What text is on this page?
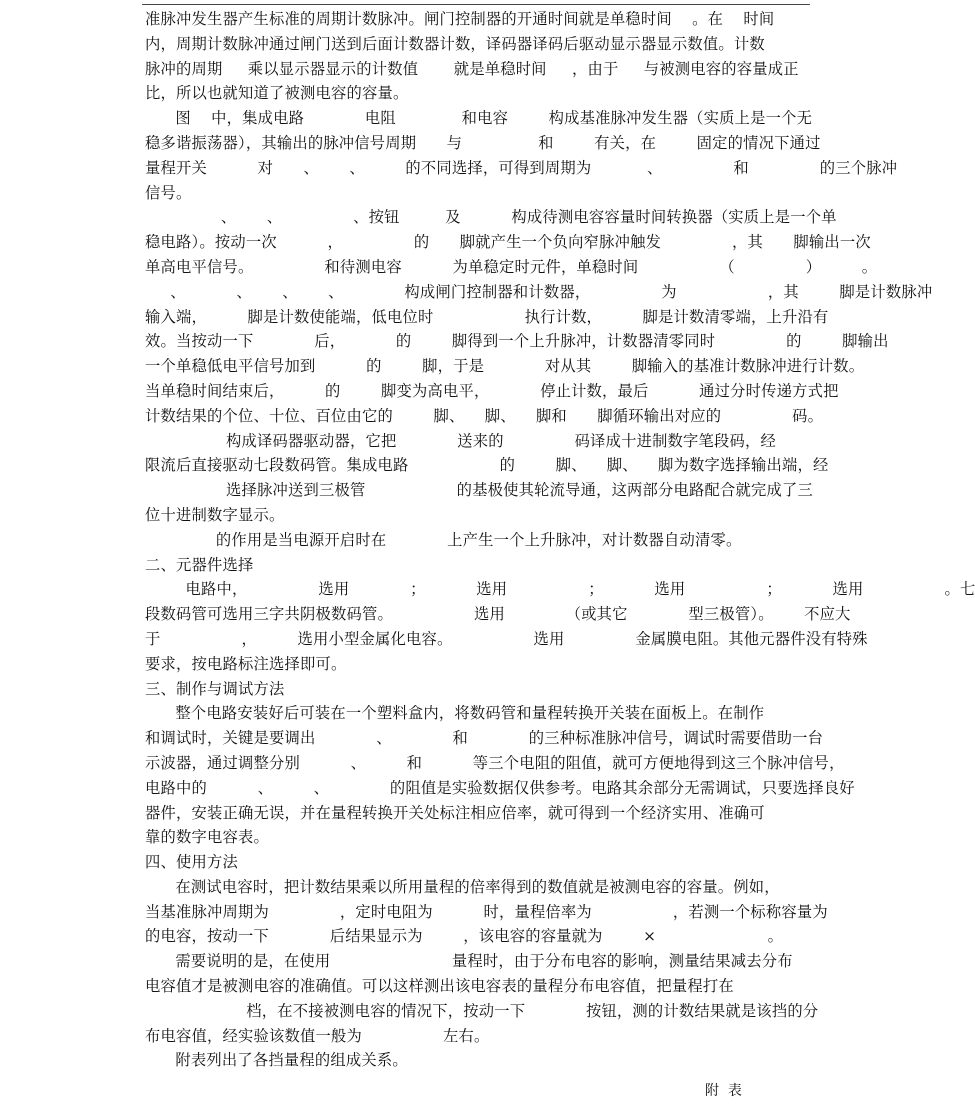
准脉冲发生器产生标准的周期计数脉冲。闸门控制器的开通时间就是单稳时间    。在    时间
内，周期计数脉冲通过闸门送到后面计数器计数，译码器译码后驱动显示器显示数值。计数
脉冲的周期     乘以显示器显示的计数值       就是单稳时间     ，由于     与被测电容的容量成正
比，所以也就知道了被测电容的容量。
图    中，集成电路            电阻             和电容        构成基准脉冲发生器（实质上是一个无
稳多谐振荡器），其输出的脉冲信号周期      与               和        有关，在        固定的情况下通过
量程开关          对      、      、        的不同选择，可得到周期为           、              和              的三个脉冲
信号。
、      、              、按钮         及          构成待测电容容量时间转换器（实质上是一个单
稳电路）。按动一次          ，              的      脚就产生一个负向窄脉冲触发              ，其      脚输出一次
单高电平信号。              和待测电容          为单稳定时元件，单稳时间                （              ）        。
、          、      、      、            构成闸门控制器和计数器，              为                  ，其        脚是计数脉冲
输入端，        脚是计数使能端，低电位时                  执行计数，        脚是计数清零端，上升沿有
效。当按动一下            后，          的        脚得到一个上升脉冲，计数器清零同时              的        脚输出
一个单稳低电平信号加到          的        脚，于是            对从其        脚输入的基准计数脉冲进行计数。
当单稳时间结束后，        的        脚变为高电平，          停止计数，最后          通过分时传递方式把
计数结果的个位、十位、百位由它的        脚、    脚、    脚和      脚循环输出对应的              码。
构成译码器驱动器，它把            送来的              码译成十进制数字笔段码，经
限流后直接驱动七段数码管。集成电路                  的        脚、    脚、    脚为数字选择输出端，经
选择脉冲送到三极管                  的基极使其轮流导通，这两部分电路配合就完成了三
位十进制数字显示。
的作用是当电源开启时在            上产生一个上升脉冲，对计数器自动清零。
二、元器件选择
电路中，              选用            ；          选用                ；          选用                ；          选用                。七
段数码管可选用三字共阴极数码管。                选用            （或其它            型三极管）。      不应大
于                ，        选用小型金属化电容。                选用              金属膜电阻。其他元器件没有特殊
要求，按电路标注选择即可。
三、制作与调试方法
整个电路安装好后可装在一个塑料盒内，将数码管和量程转换开关装在面板上。在制作
和调试时，关键是要调出            、            和            的三种标准脉冲信号，调试时需要借助一台
示波器，通过调整分别          、        和          等三个电阻的阻值，就可方便地得到这三个脉冲信号，
电路中的          、        、            的阻值是实验数据仅供参考。电路其余部分无需调试，只要选择良好
器件，安装正确无误，并在量程转换开关处标注相应倍率，就可得到一个经济实用、准确可
靠的数字电容表。
四、使用方法
在测试电容时，把计数结果乘以所用量程的倍率得到的数值就是被测电容的容量。例如，
当基准脉冲周期为              ，定时电阻为          时，量程倍率为                ，若测一个标称容量为
的电容，按动一下            后结果显示为        ，该电容的容量就为        ×                      。
需要说明的是，在使用                        量程时，由于分布电容的影响，测量结果减去分布
电容值才是被测电容的准确值。可以这样测出该电容表的量程分布电容值，把量程打在
档，在不接被测电容的情况下，按动一下            按钮，测的计数结果就是该挡的分
布电容值，经实验该数值一般为                左右。
附表列出了各挡量程的组成关系。
附  表
